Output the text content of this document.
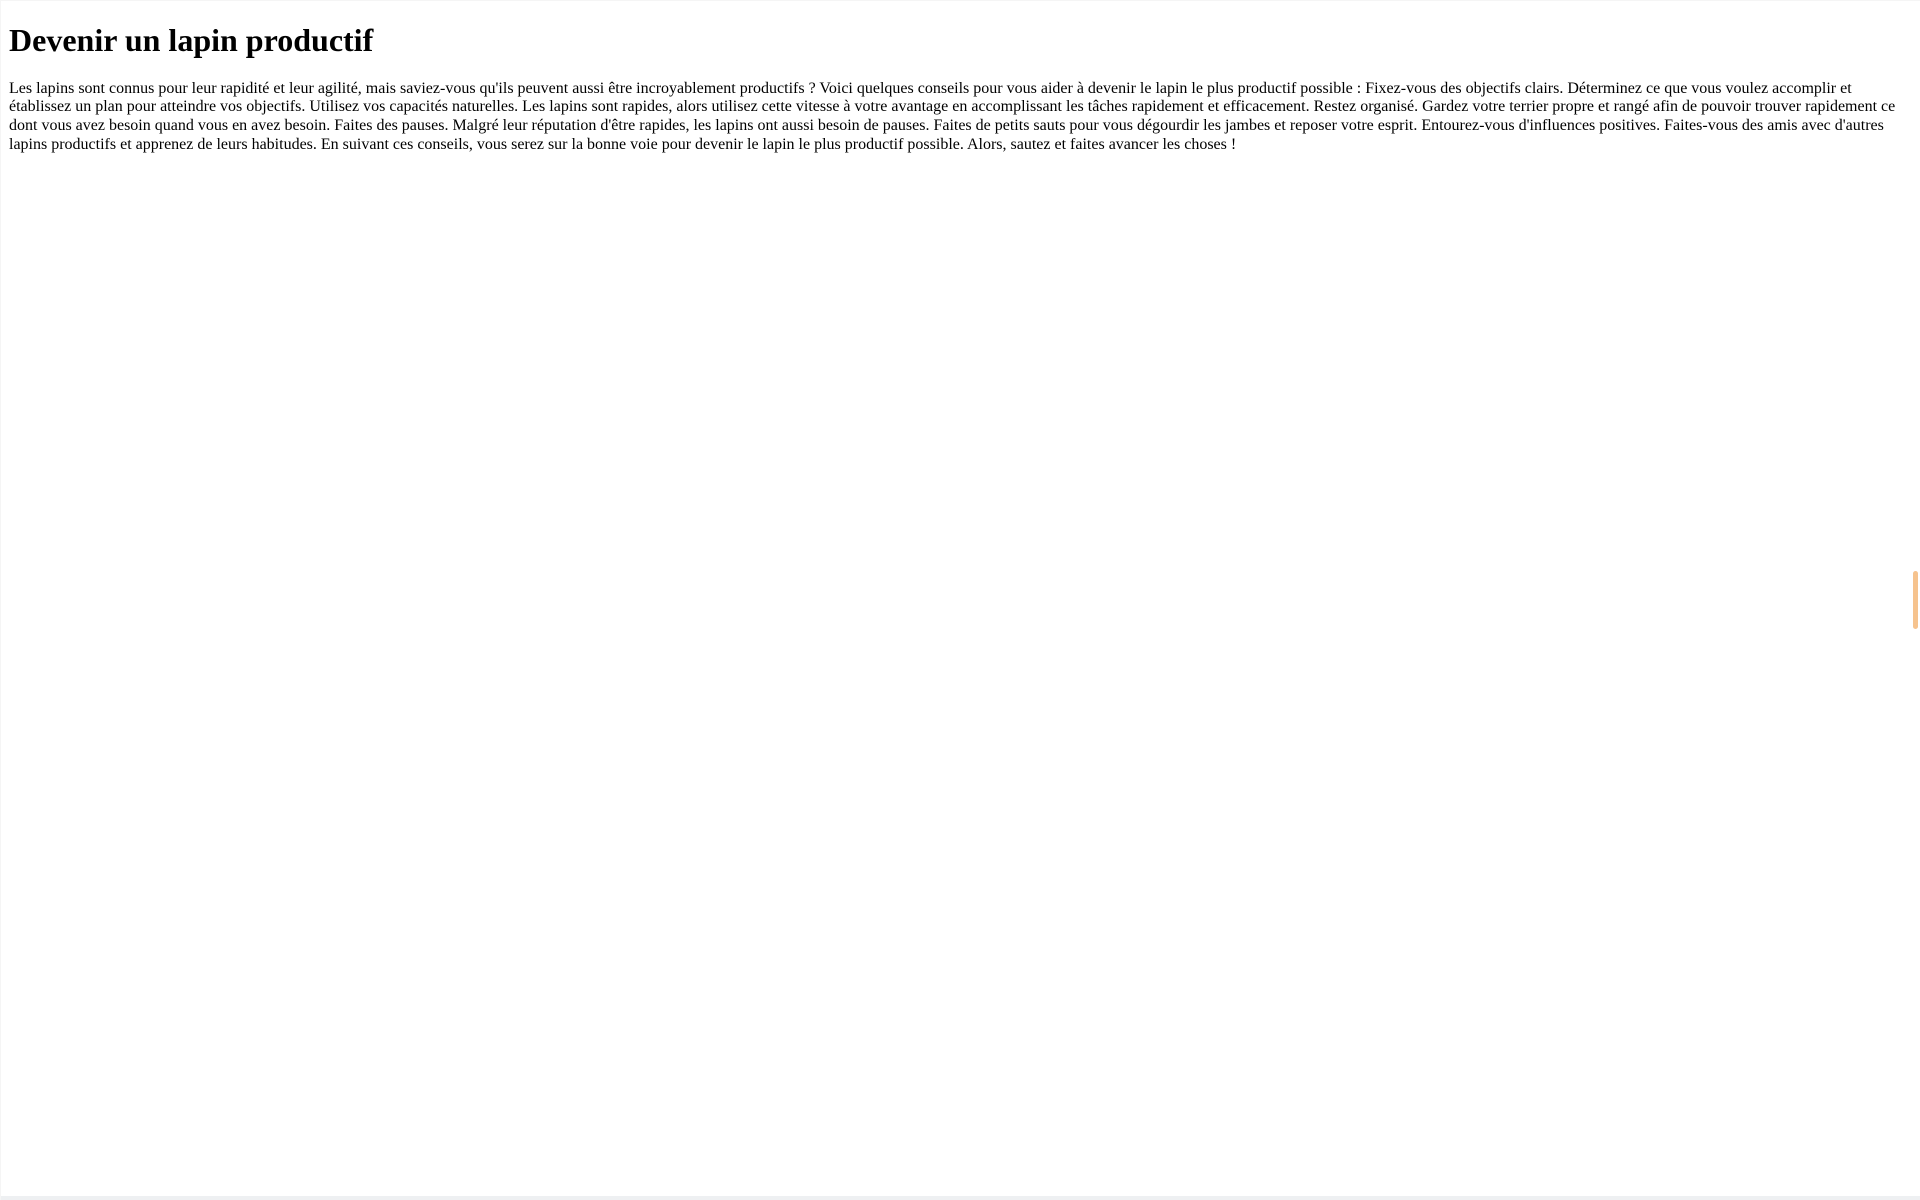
Devenir un lapin productif

Les lapins sont connus pour leur rapidité et leur agilité, mais saviez-vous qu'ils peuvent aussi être incroyablement productifs ? Voici quelques conseils pour vous aider à devenir le lapin le plus productif possible : Fixez-vous des objectifs clairs. Déterminez ce que vous voulez accomplir et établissez un plan pour atteindre vos objectifs. Utilisez vos capacités naturelles. Les lapins sont rapides, alors utilisez cette vitesse à votre avantage en accomplissant les tâches rapidement et efficacement. Restez organisé. Gardez votre terrier propre et rangé afin de pouvoir trouver rapidement ce dont vous avez besoin quand vous en avez besoin. Faites des pauses. Malgré leur réputation d'être rapides, les lapins ont aussi besoin de pauses. Faites de petits sauts pour vous dégourdir les jambes et reposer votre esprit. Entourez-vous d'influences positives. Faites-vous des amis avec d'autres lapins productifs et apprenez de leurs habitudes. En suivant ces conseils, vous serez sur la bonne voie pour devenir le lapin le plus productif possible. Alors, sautez et faites avancer les choses !
